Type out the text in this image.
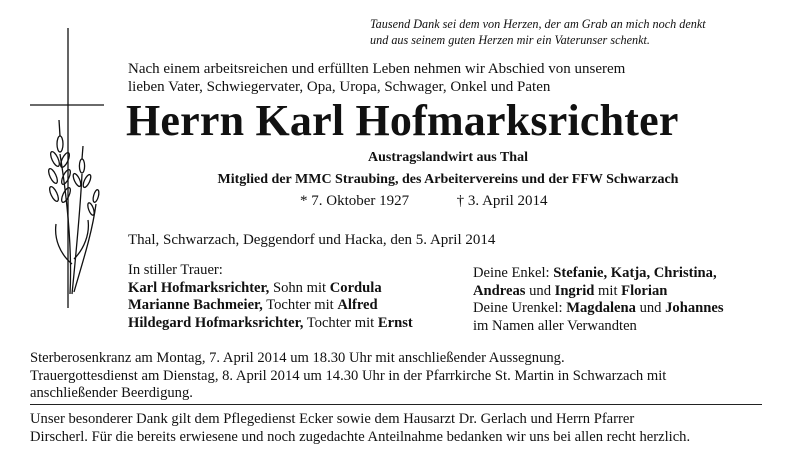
Tausend Dank sei dem von Herzen, der am Grab an mich noch denkt
und aus seinem guten Herzen mir ein Vaterunser schenkt.
Nach einem arbeitsreichen und erfüllten Leben nehmen wir Abschied von unserem
lieben Vater, Schwiegervater, Opa, Uropa, Schwager, Onkel und Paten
Herrn Karl Hofmarksrichter
Austragslandwirt aus Thal
Mitglied der MMC Straubing, des Arbeitervereins und der FFW Schwarzach
* 7. Oktober 1927	† 3. April 2014
Thal, Schwarzach, Deggendorf und Hacka, den 5. April 2014
In stiller Trauer:
Karl Hofmarksrichter, Sohn mit Cordula
Marianne Bachmeier, Tochter mit Alfred
Hildegard Hofmarksrichter, Tochter mit Ernst
Deine Enkel: Stefanie, Katja, Christina,
Andreas und Ingrid mit Florian
Deine Urenkel: Magdalena und Johannes
im Namen aller Verwandten
Sterberosenkranz am Montag, 7. April 2014 um 18.30 Uhr mit anschließender Aussegnung.
Trauergottesdienst am Dienstag, 8. April 2014 um 14.30 Uhr in der Pfarrkirche St. Martin in Schwarzach mit
anschließender Beerdigung.
Unser besonderer Dank gilt dem Pflegedienst Ecker sowie dem Hausarzt Dr. Gerlach und Herrn Pfarrer
Dirscherl. Für die bereits erwiesene und noch zugedachte Anteilnahme bedanken wir uns bei allen recht herzlich.
